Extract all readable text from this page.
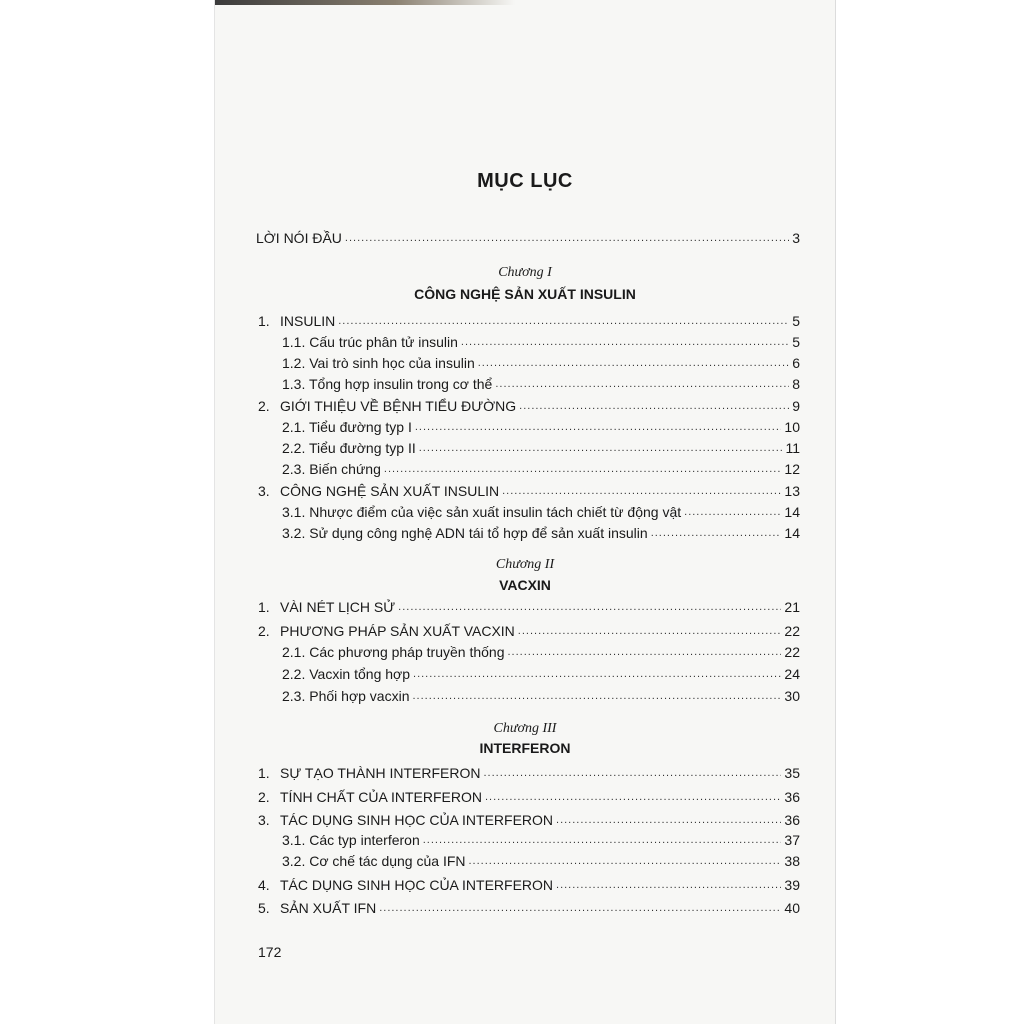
MỤC LỤC
LỜI NÓI ĐẦU .....	3
Chương I
CÔNG NGHỆ SẢN XUẤT INSULIN
1. INSULIN .....	5
1.1. Cấu trúc phân tử insulin .....	5
1.2. Vai trò sinh học của insulin .....	6
1.3. Tổng hợp insulin trong cơ thể .....	8
2. GIỚI THIỆU VỀ BỆNH TIỂU ĐƯỜNG .....	9
2.1. Tiểu đường typ I .....	10
2.2. Tiểu đường typ II .....	11
2.3. Biến chứng .....	12
3. CÔNG NGHỆ SẢN XUẤT INSULIN .....	13
3.1. Nhược điểm của việc sản xuất insulin tách chiết từ động vật .....	14
3.2. Sử dụng công nghệ ADN tái tổ hợp để sản xuất insulin .....	14
Chương II
VACXIN
1. VÀI NÉT LỊCH SỬ .....	21
2. PHƯƠNG PHÁP SẢN XUẤT VACXIN .....	22
2.1. Các phương pháp truyền thống .....	22
2.2. Vacxin tổng hợp .....	24
2.3. Phối hợp vacxin .....	30
Chương III
INTERFERON
1. SỰ TẠO THÀNH INTERFERON .....	35
2. TÍNH CHẤT CỦA INTERFERON .....	36
3. TÁC DỤNG SINH HỌC CỦA INTERFERON .....	36
3.1. Các typ interferon .....	37
3.2. Cơ chế tác dụng của IFN .....	38
4. TÁC DỤNG SINH HỌC CỦA INTERFERON .....	39
5. SẢN XUẤT IFN .....	40
172
